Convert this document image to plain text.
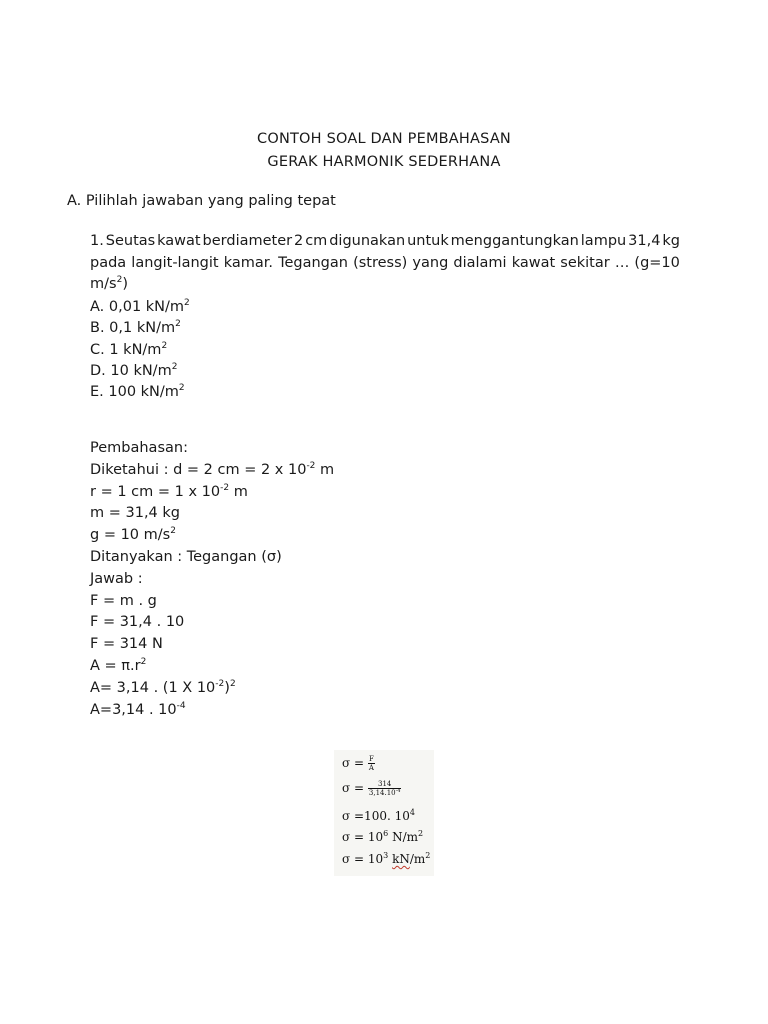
CONTOH SOAL DAN PEMBAHASAN
GERAK HARMONIK SEDERHANA
A. Pilihlah jawaban yang paling tepat
1. Seutas kawat berdiameter 2 cm digunakan untuk menggantungkan lampu 31,4 kg
pada langit-langit kamar. Tegangan (stress) yang dialami kawat sekitar … (g=10
$m/s^2$)
A. 0,01 $kN/m^2$
B. 0,1 $kN/m^2$
C. 1 $kN/m^2$
D. 10 $kN/m^2$
E. 100 $kN/m^2$
Pembahasan:
Diketahui : d = 2 cm = 2 x $10^{-2}$ m
r = 1 cm = 1 x $10^{-2}$ m
m = 31,4 kg
g = 10 $m/s^2$
Ditanyakan : Tegangan (σ)
Jawab :
F = m . g
F = 31,4 . 10
F = 314 N
$A = \pi.r^2$
A= 3,14 . (1 X $10^{-2})^2$
A=3,14 . $10^{-4}$
$\sigma = \frac{F}{A}$
$\sigma = \frac{314}{3,14.10^{-4}}$
σ =100. $10^4$
$\sigma = 10^6$ $N/m^2$
$\sigma = 10^3$ $kN/m^2$
